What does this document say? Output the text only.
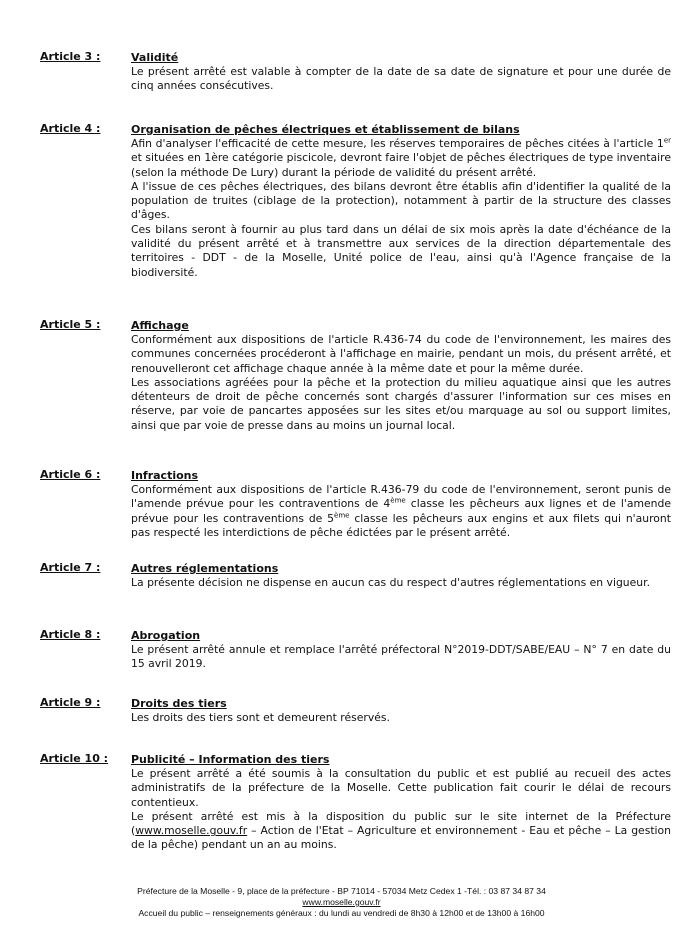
Article 3 :	Validité

Le présent arrêté est valable à compter de la date de sa date de signature et pour une durée de cinq années consécutives.

Article 4 :	Organisation de pêches électriques et établissement de bilans

Afin d'analyser l'efficacité de cette mesure, les réserves temporaires de pêches citées à l'article 1er et situées en 1ère catégorie piscicole, devront faire l'objet de pêches électriques de type inventaire (selon la méthode De Lury) durant la période de validité du présent arrêté.

A l'issue de ces pêches électriques, des bilans devront être établis afin d'identifier la qualité de la population de truites (ciblage de la protection), notamment à partir de la structure des classes d'âges.

Ces bilans seront à fournir au plus tard dans un délai de six mois après la date d'échéance de la validité du présent arrêté et à transmettre aux services de la direction départementale des territoires - DDT - de la Moselle, Unité police de l'eau, ainsi qu'à l'Agence française de la biodiversité.

Article 5 :	Affichage

Conformément aux dispositions de l'article R.436-74 du code de l'environnement, les maires des communes concernées procéderont à l'affichage en mairie, pendant un mois, du présent arrêté, et renouvelleront cet affichage chaque année à la même date et pour la même durée.

Les associations agréées pour la pêche et la protection du milieu aquatique ainsi que les autres détenteurs de droit de pêche concernés sont chargés d'assurer l'information sur ces mises en réserve, par voie de pancartes apposées sur les sites et/ou marquage au sol ou support limites, ainsi que par voie de presse dans au moins un journal local.

Article 6 :	Infractions

Conformément aux dispositions de l'article R.436-79 du code de l'environnement, seront punis de l'amende prévue pour les contraventions de 4ème classe les pêcheurs aux lignes et de l'amende prévue pour les contraventions de 5ème classe les pêcheurs aux engins et aux filets qui n'auront pas respecté les interdictions de pêche édictées par le présent arrêté.

Article 7 :	Autres réglementations

La présente décision ne dispense en aucun cas du respect d'autres réglementations en vigueur.

Article 8 :	Abrogation

Le présent arrêté annule et remplace l'arrêté préfectoral N°2019-DDT/SABE/EAU – N° 7 en date du 15 avril 2019.

Article 9 :	Droits des tiers

Les droits des tiers sont et demeurent réservés.

Article 10 : Publicité – Information des tiers

Le présent arrêté a été soumis à la consultation du public et est publié au recueil des actes administratifs de la préfecture de la Moselle. Cette publication fait courir le délai de recours contentieux.

Le présent arrêté est mis à la disposition du public sur le site internet de la Préfecture (www.moselle.gouv.fr – Action de l'Etat – Agriculture et environnement - Eau et pêche – La gestion de la pêche) pendant un an au moins.

Préfecture de la Moselle - 9, place de la préfecture - BP 71014 - 57034 Metz Cedex 1 -Tél. : 03 87 34 87 34
www.moselle.gouv.fr
Accueil du public – renseignements généraux : du lundi au vendredi de 8h30 à 12h00 et de 13h00 à 16h00
